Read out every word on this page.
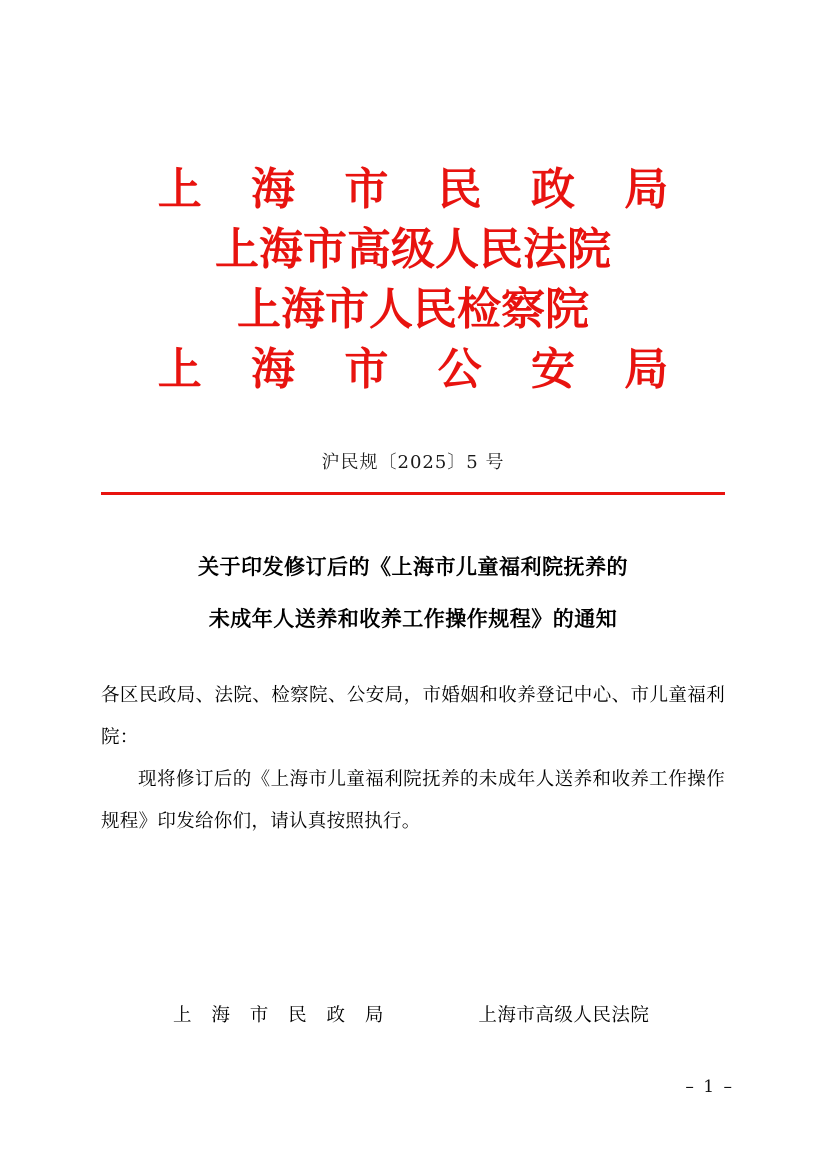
上 海 市 民 政 局
上海市高级人民法院
上海市人民检察院
上 海 市 公 安 局
沪民规〔2025〕5 号
关于印发修订后的《上海市儿童福利院抚养的
未成年人送养和收养工作操作规程》的通知
各区民政局、法院、检察院、公安局，市婚姻和收养登记中心、市儿童福利院：
现将修订后的《上海市儿童福利院抚养的未成年人送养和收养工作操作规程》印发给你们，请认真按照执行。
上 海 市 民 政 局	上海市高级人民法院
– 1 –
